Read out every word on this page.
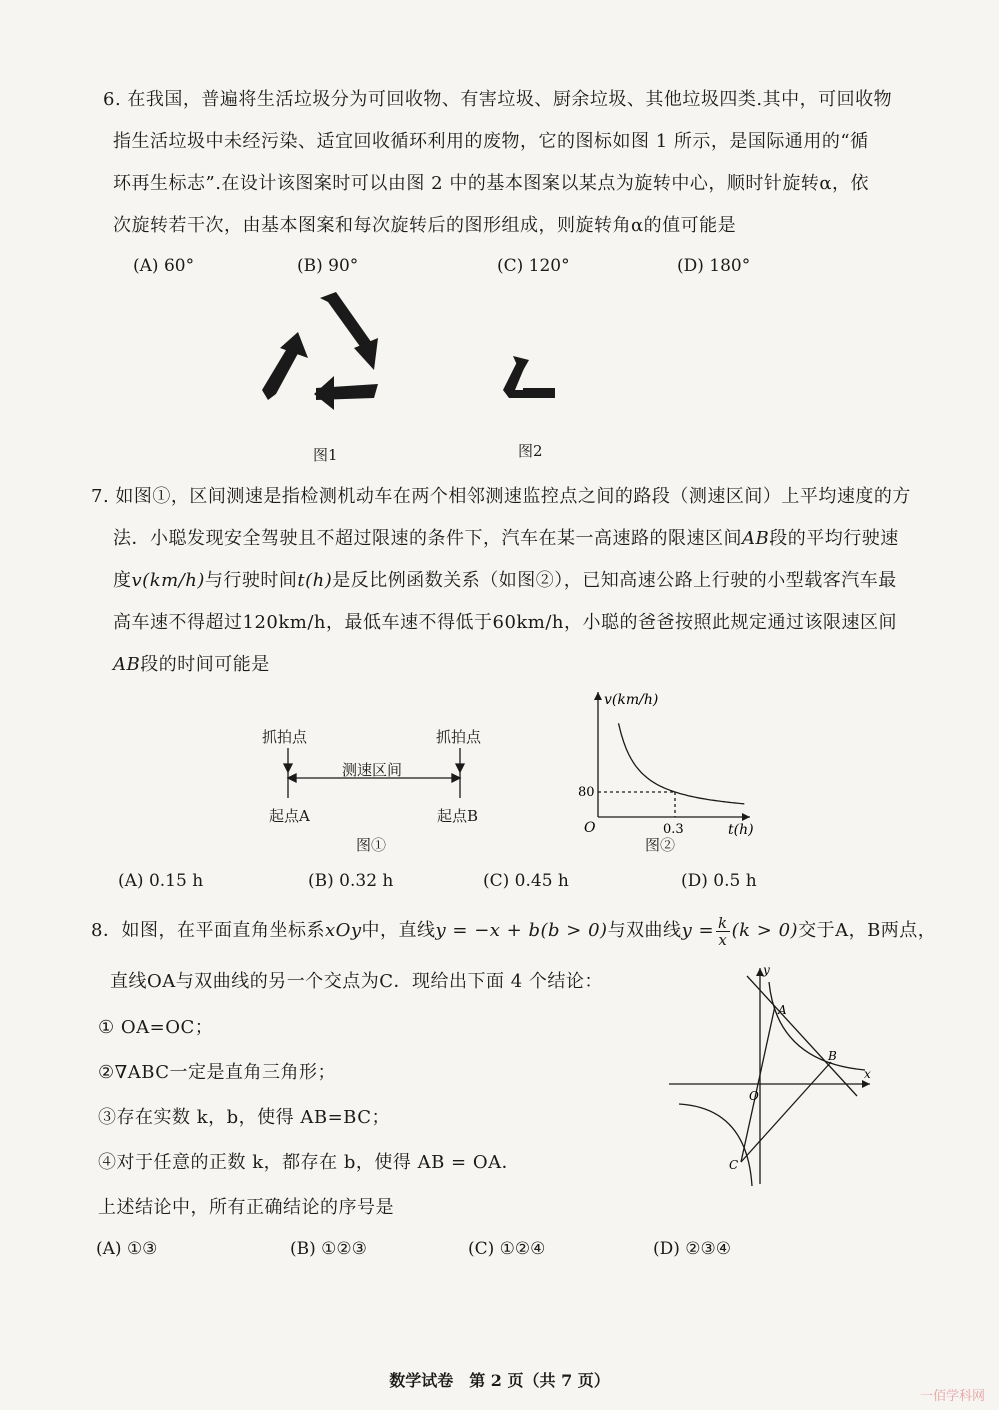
6. 在我国，普遍将生活垃圾分为可回收物、有害垃圾、厨余垃圾、其他垃圾四类.其中，可回收物
指生活垃圾中未经污染、适宜回收循环利用的废物，它的图标如图 1 所示，是国际通用的“循
环再生标志”.在设计该图案时可以由图 2 中的基本图案以某点为旋转中心，顺时针旋转α，依
次旋转若干次，由基本图案和每次旋转后的图形组成，则旋转角α的值可能是
(A) 60°	(B) 90°	(C) 120°	(D) 180°
图1	图2
7. 如图①，区间测速是指检测机动车在两个相邻测速监控点之间的路段（测速区间）上平均速度的方
法．小聪发现安全驾驶且不超过限速的条件下，汽车在某一高速路的限速区间AB段的平均行驶速
度v(km/h)与行驶时间t(h)是反比例函数关系（如图②），已知高速公路上行驶的小型载客汽车最
高车速不得超过120km/h，最低车速不得低于60km/h，小聪的爸爸按照此规定通过该限速区间
AB段的时间可能是
抓拍点	抓拍点
测速区间
起点A	起点B
图①
v(km/h)
t(h)
O
80
0.3
图②
(A) 0.15 h	(B) 0.32 h	(C) 0.45 h	(D) 0.5 h
8．如图，在平面直角坐标系xOy中，直线y = −x + b(b > 0)与双曲线$y = \frac{k}{x} (k > 0)$交于A，B两点，
直线OA与双曲线的另一个交点为C．现给出下面 4 个结论：
① OA=OC；
②∇ABC一定是直角三角形；
③存在实数 k，b，使得 AB=BC；
④对于任意的正数 k，都存在 b，使得 AB = OA．
上述结论中，所有正确结论的序号是
(A) ①③	(B) ①②③	(C) ①②④	(D) ②③④
x
y
O
A
B
C
数学试卷　第 2 页（共 7 页）
一佰学科网
